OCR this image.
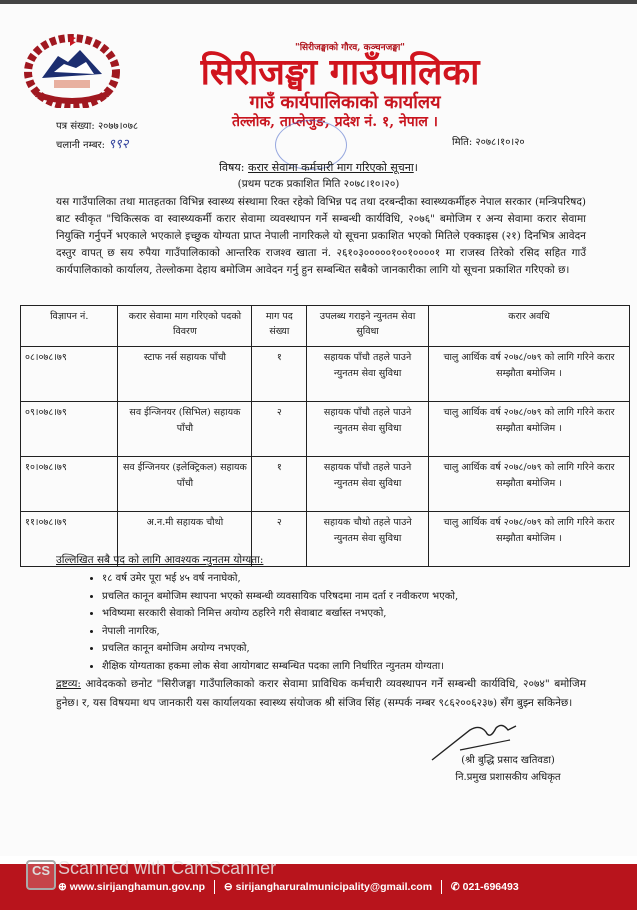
"सिरीजङ्घाको गौरव, कञ्चनजङ्घा"
सिरीजङ्घा गाउँपालिका
गाउँ कार्यपालिकाको कार्यालय
तेल्लोक, ताप्लेजुङ, प्रदेश नं. १, नेपाल ।
पत्र संख्या: २०७७।०७८
चलानी नम्बर: ९९२	मिति: २०७८।१०।२०
विषय: करार सेवामा कर्मचारी माग गरिएको सूचना।
(प्रथम पटक प्रकाशित मिति २०७८।१०।२०)
यस गाउँपालिका तथा मातहतका विभिन्न स्वास्थ्य संस्थामा रिक्त रहेको विभिन्न पद तथा दरबन्दीका स्वास्थ्यकर्मीहरु नेपाल सरकार (मन्त्रिपरिषद) बाट स्वीकृत "चिकित्सक वा स्वास्थ्यकर्मी करार सेवामा व्यवस्थापन गर्ने सम्बन्धी कार्यविधि, २०७६" बमोजिम र अन्य सेवामा करार सेवामा नियुक्ति गर्नुपर्ने भएकाले भएकाले इच्छुक योग्यता प्राप्त नेपाली नागरिकले यो सूचना प्रकाशित भएको मितिले एक्काइस (२१) दिनभित्र आवेदन दस्तुर वापत् छ सय रुपैया गाउँपालिकाको आन्तरिक राजश्व खाता नं. २६१०३०००००१००१००००१ मा राजस्व तिरेको रसिद सहित गाउँ कार्यपालिकाको कार्यालय, तेल्लोकमा देहाय बमोजिम आवेदन गर्नु हुन सम्बन्धित सबैको जानकारीका लागि यो सूचना प्रकाशित गरिएको छ।
विज्ञापन नं.	करार सेवामा माग गरिएको पदको विवरण	माग पद संख्या	उपलब्ध गराइने न्युनतम सेवा सुविधा	करार अवधि
०८।०७८।७९	स्टाफ नर्स सहायक पाँचौ	१	सहायक पाँचौ तहले पाउने न्युनतम सेवा सुविधा	चालु आर्थिक वर्ष २०७८/०७९ को लागि गरिने करार सम्झौता बमोजिम ।
०९।०७८।७९	सव ईन्जिनयर (सिभिल) सहायक पाँचौ	२	सहायक पाँचौ तहले पाउने न्युनतम सेवा सुविधा	चालु आर्थिक वर्ष २०७८/०७९ को लागि गरिने करार सम्झौता बमोजिम ।
१०।०७८।७९	सव ईन्जिनयर (इलेक्ट्रिकल) सहायक पाँचौ	१	सहायक पाँचौ तहले पाउने न्युनतम सेवा सुविधा	चालु आर्थिक वर्ष २०७८/०७९ को लागि गरिने करार सम्झौता बमोजिम ।
११।०७८।७९	अ.न.मी सहायक चौथो	२	सहायक चौथो तहले पाउने न्युनतम सेवा सुविधा	चालु आर्थिक वर्ष २०७८/०७९ को लागि गरिने करार सम्झौता बमोजिम ।
उल्लिखित सबै पद को लागि आवश्यक न्युनतम योग्यता:
• १८ वर्ष उमेर पूरा भई ४५ वर्ष ननाघेको,
• प्रचलित कानून बमोजिम स्थापना भएको सम्बन्धी व्यवसायिक परिषदमा नाम दर्ता र नवीकरण भएको,
• भविष्यमा सरकारी सेवाको निमित्त अयोग्य ठहरिने गरी सेवाबाट बर्खास्त नभएको,
• नेपाली नागरिक,
• प्रचलित कानून बमोजिम अयोग्य नभएको,
• शैक्षिक योग्यताका हकमा लोक सेवा आयोगबाट सम्बन्धित पदका लागि निर्धारित न्युनतम योग्यता।
द्रष्टव्य: आवेदकको छनोट "सिरीजङ्घा गाउँपालिकाको करार सेवामा प्राविधिक कर्मचारी व्यवस्थापन गर्ने सम्बन्धी कार्यविधि, २०७४" बमोजिम हुनेछ। र, यस विषयमा थप जानकारी यस कार्यालयका स्वास्थ्य संयोजक श्री संजिव सिंह (सम्पर्क नम्बर ९८६२००६२३७) सँग बुझ्न सकिनेछ।
(श्री बुद्धि प्रसाद खतिवडा)
नि.प्रमुख प्रशासकीय अधिकृत
⊕ www.sirijanghamun.gov.np ⊖ sirijangharuralmunicipality@gmail.com ✆ 021-696493
CS Scanned with CamScanner
